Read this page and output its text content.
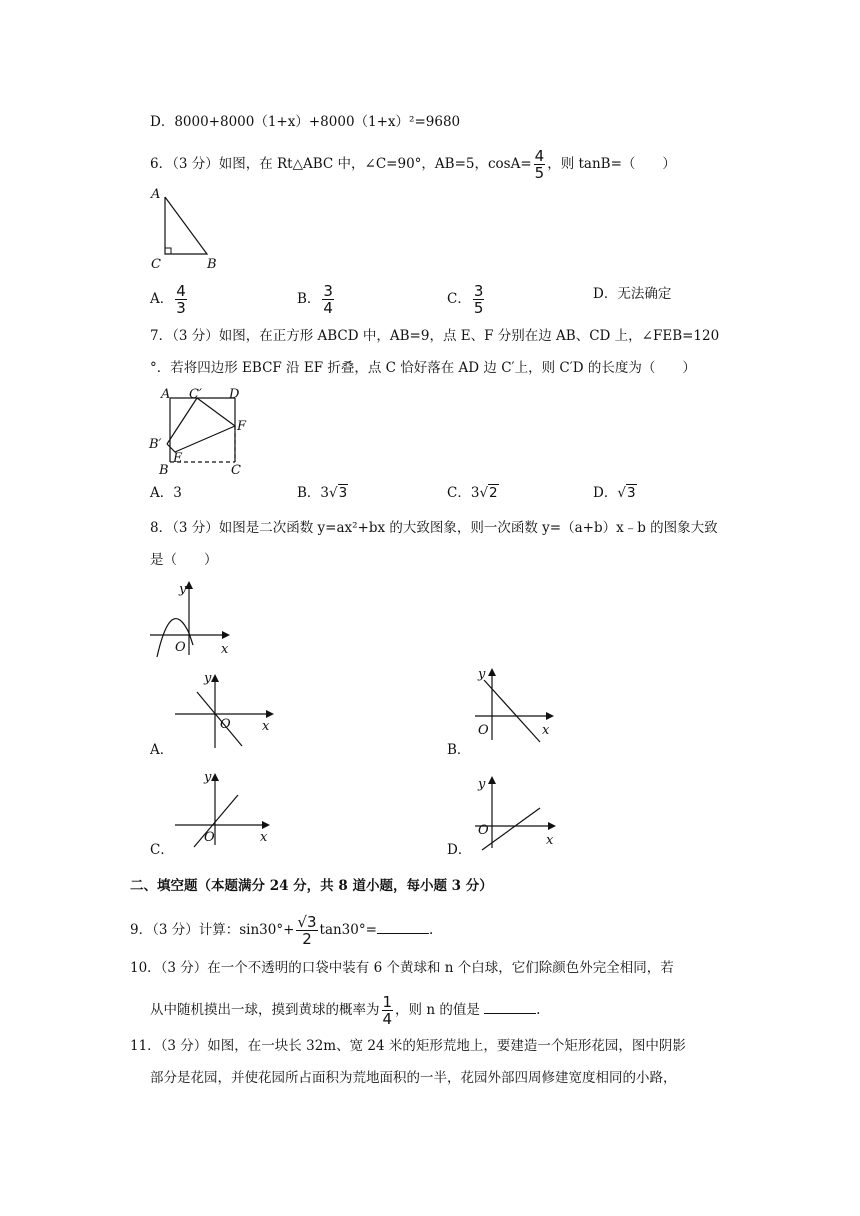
D．8000+8000（1+x）+8000（1+x）²=9680
6．（3 分）如图，在 Rt△ABC 中，∠C=90°，AB=5，$\cos A= \frac{4}{5}$ ，则 tanB=（　　）
A
C	B
A． $\frac{4}{3}$	B． $\frac{3}{4}$	C． $\frac{3}{5}$	D．无法确定
7．（3 分）如图，在正方形 ABCD 中，AB=9，点 E、F 分别在边 AB、CD 上，∠FEB=120
°．若将四边形 EBCF 沿 EF 折叠，点 C 恰好落在 AD 边 C′上，则 C′D 的长度为（　　）
A C′ D
B′
F
E
B	C
A．3	B．3√3	C．3√2	D．√3
8．（3 分）如图是二次函数 y=ax²+bx 的大致图象，则一次函数 y=（a+b）x﹣b 的图象大致
是（　　）
y
x
O
y
x
O
A．
y
x
O
B．
y
x
O
C．
y
x
O
D．
二、填空题（本题满分 24 分，共 8 道小题，每小题 3 分）
9．（3 分）计算：$\sin 30^\circ+ \frac{√3}{2} \tan 30^\circ=$	.
10．（3 分）在一个不透明的口袋中装有 6 个黄球和 n 个白球，它们除颜色外完全相同，若
从中随机摸出一球，摸到黄球的概率为 $\frac{1}{4}$ ，则 n 的值是	.
11．（3 分）如图，在一块长 32m、宽 24 米的矩形荒地上，要建造一个矩形花园，图中阴影
部分是花园，并使花园所占面积为荒地面积的一半，花园外部四周修建宽度相同的小路，
